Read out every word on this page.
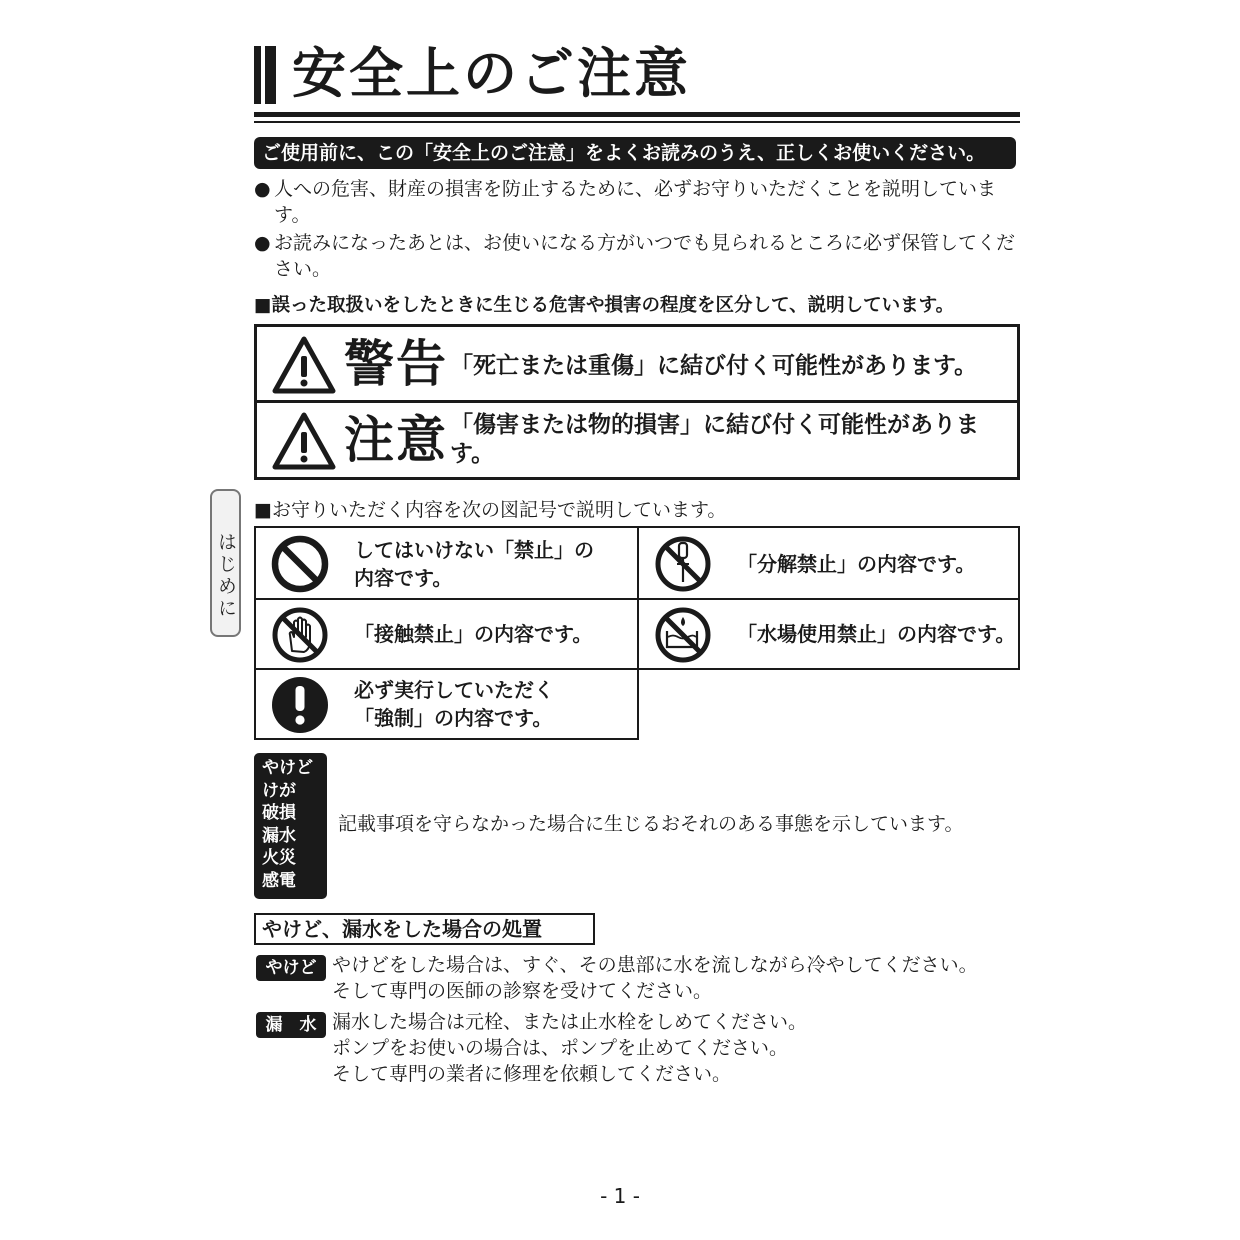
安全上のご注意
ご使用前に、この「安全上のご注意」をよくお読みのうえ、正しくお使いください。
● 人への危害、財産の損害を防止するために、必ずお守りいただくことを説明しています。
● お読みになったあとは、お使いになる方がいつでも見られるところに必ず保管してください。
■誤った取扱いをしたときに生じる危害や損害の程度を区分して、説明しています。
警告 「死亡または重傷」に結び付く可能性があります。
注意 「傷害または物的損害」に結び付く可能性があります。
はじめに
■お守りいただく内容を次の図記号で説明しています。
してはいけない「禁止」の
内容です。	「分解禁止」の内容です。

「接触禁止」の内容です。	「水場使用禁止」の内容です。

必ず実行していただく
「強制」の内容です。	

やけど
けが
破損
漏水
火災
感電
記載事項を守らなかった場合に生じるおそれのある事態を示しています。
やけど、漏水をした場合の処置
やけど やけどをした場合は、すぐ、その患部に水を流しながら冷やしてください。
そして専門の医師の診察を受けてください。
漏　水 漏水した場合は元栓、または止水栓をしめてください。
ポンプをお使いの場合は、ポンプを止めてください。
そして専門の業者に修理を依頼してください。
- 1 -
